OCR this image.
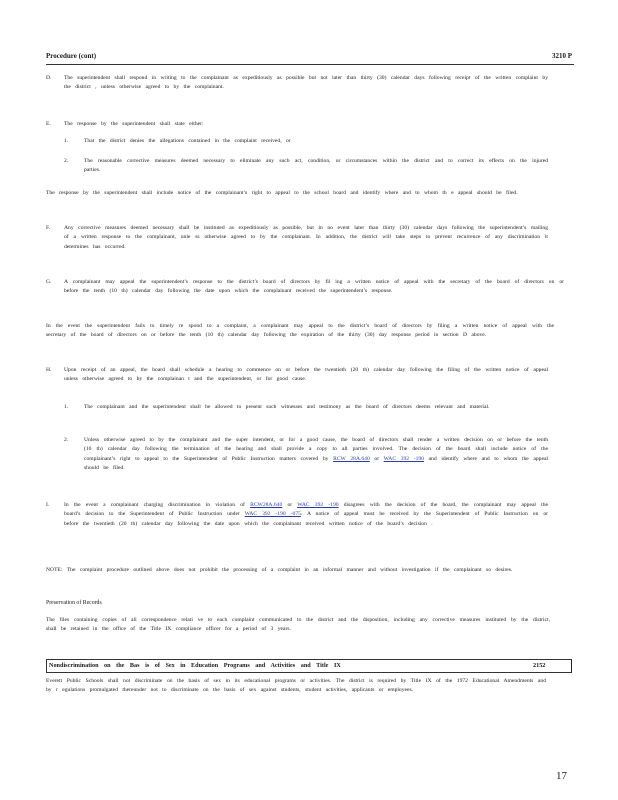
Procedure (cont)	3210 P
D. The superintendent shall respond in writing to the complainant as expeditiously as possible but not later than thirty (30) calendar days following receipt of the written complaint by the district , unless otherwise agreed to by the complainant.

E. The response by the superintendent shall state either:

1.	That the district denies the allegations contained in the complaint received, or

2.	The reasonable corrective measures deemed necessary to eliminate any such act, condition, or circumstances within the district and to correct its effects on the injured parties.

The response by the superintendent shall include notice of the complainant’s right to appeal to the school board and identify where and to whom th e appeal should be filed.

F. Any corrective measures deemed necessary shall be instituted as expeditiously as possible, but in no event later than thirty (30) calendar days following the superintendent’s mailing of a written response to the complainant, unle ss otherwise agreed to by the complainant. In addition, the district will take steps to prevent recurrence of any discrimination it determines has occurred.

G. A complainant may appeal the superintendent’s response to the district’s board of directors by fil ing a written notice of appeal with the secretary of the board of directors on or before the tenth (10 th) calendar day following the date upon which the complainant received the superintendent’s response.

In the event the superintendent fails to timely re spond to a complaint, a complainant may appeal to the district’s board of directors by filing a written notice of appeal with the secretary of the board of directors on or before the tenth (10 th) calendar day following the expiration of the thirty (30) day response period in section D above.

H. Upon receipt of an appeal, the board shall schedule a hearing to commence on or before the twentieth (20 th) calendar day following the filing of the written notice of appeal unless otherwise agreed to by the complainan t and the superintendent, or for good cause.

1.	The complainant and the superintendent shall be allowed to present such witnesses and testimony as the board of directors deems relevant and material.

2.	Unless otherwise agreed to by the complainant and the super intendent, or for a good cause, the board of directors shall render a written decision on or before the tenth (10 th) calendar day following the termination of the hearing and shall provide a copy to all parties involved. The decision of the board shall include notice of the complainant’s right to appeal to the Superintendent of Public Instruction matters covered by RCW 28A.640 or WAC 392 -190 and identify where and to whom the appeal should be filed.

I.	In the event a complainant charging discrimination in violation of RCW28A.640 or WAC 392 -190 disagrees with the decision of the board, the complainant may appeal the board’s decision to the Superintendent of Public Instruction under WAC 392 -190 -075. A notice of appeal must be received by the Superintendent of Public Instruction on or before the twentieth (20 th) calendar day following the date upon which the complainant received written notice of the board’s decision .

NOTE: The complaint procedure outlined above does not prohibit the processing of a complaint in an informal manner and without investigation if the complainant so desires.

Preservation of Records

The files containing copies of all correspondence relati ve to each complaint communicated to the district and the disposition, including any corrective measures instituted by the district, shall be retained in the office of the Title IX compliance officer for a period of 3 years.

Nondiscrimination on the Bas is of Sex in Education Programs and Activities and Title IX	2152

Everett Public Schools shall not discriminate on the basis of sex in its educational programs or activities. The district is required by Title IX of the 1972 Educational Amendments and by r egulations promulgated thereunder not to discriminate on the basis of sex against students, student activities, applicants or employees.

17
